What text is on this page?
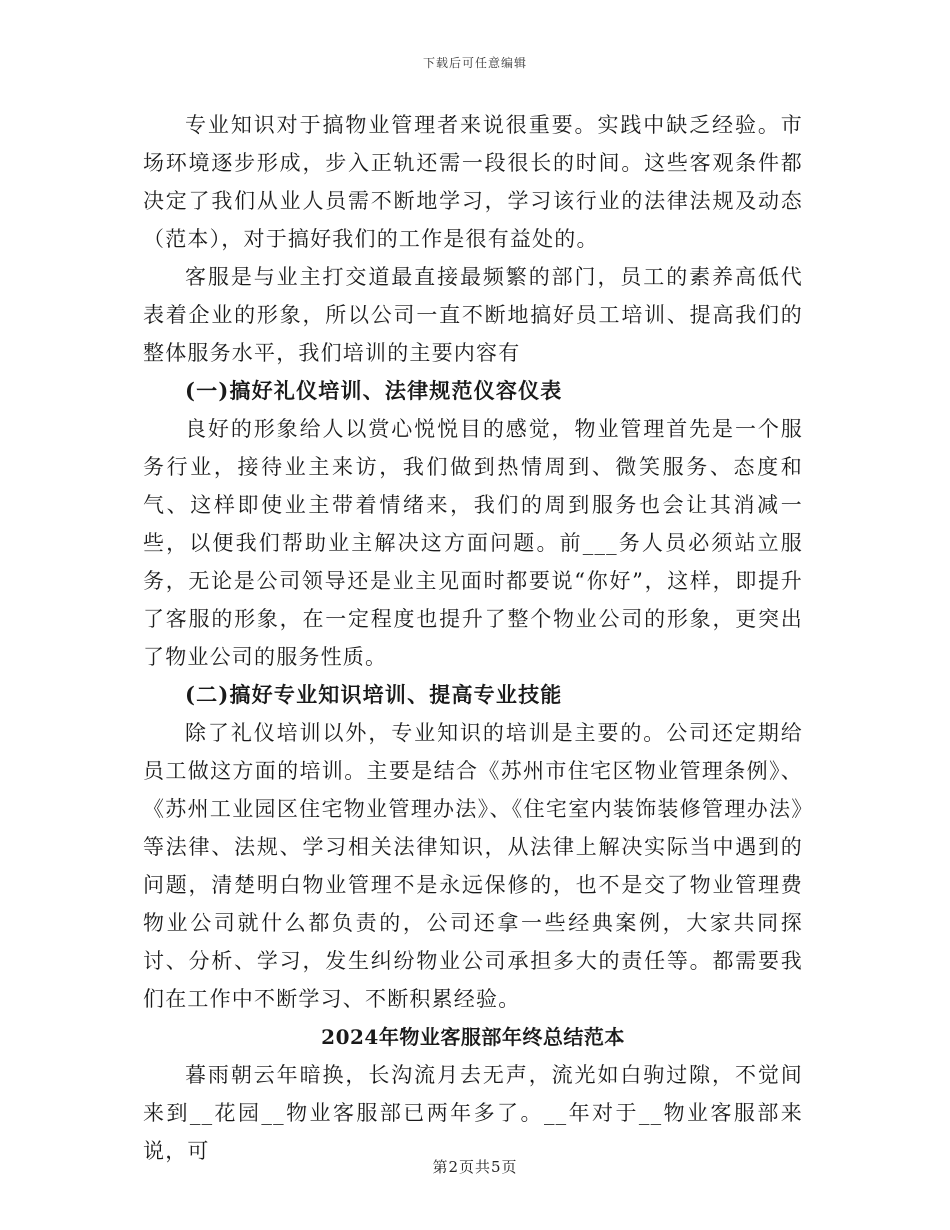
下载后可任意编辑

专业知识对于搞物业管理者来说很重要。实践中缺乏经验。市场环境逐步形成，步入正轨还需一段很长的时间。这些客观条件都决定了我们从业人员需不断地学习，学习该行业的法律法规及动态（范本），对于搞好我们的工作是很有益处的。

客服是与业主打交道最直接最频繁的部门，员工的素养高低代表着企业的形象，所以公司一直不断地搞好员工培训、提高我们的整体服务水平，我们培训的主要内容有

(一)搞好礼仪培训、法律规范仪容仪表

良好的形象给人以赏心悦悦目的感觉，物业管理首先是一个服务行业，接待业主来访，我们做到热情周到、微笑服务、态度和气、这样即使业主带着情绪来，我们的周到服务也会让其消减一些，以便我们帮助业主解决这方面问题。前___务人员必须站立服务，无论是公司领导还是业主见面时都要说“你好”，这样，即提升了客服的形象，在一定程度也提升了整个物业公司的形象，更突出了物业公司的服务性质。

(二)搞好专业知识培训、提高专业技能

除了礼仪培训以外，专业知识的培训是主要的。公司还定期给员工做这方面的培训。主要是结合《苏州市住宅区物业管理条例》、《苏州工业园区住宅物业管理办法》、《住宅室内装饰装修管理办法》等法律、法规、学习相关法律知识，从法律上解决实际当中遇到的问题，清楚明白物业管理不是永远保修的，也不是交了物业管理费物业公司就什么都负责的，公司还拿一些经典案例，大家共同探讨、分析、学习，发生纠纷物业公司承担多大的责任等。都需要我们在工作中不断学习、不断积累经验。

2024年物业客服部年终总结范本

暮雨朝云年暗换，长沟流月去无声，流光如白驹过隙，不觉间来到__花园__物业客服部已两年多了。__年对于__物业客服部来说，可

第2页共5页
